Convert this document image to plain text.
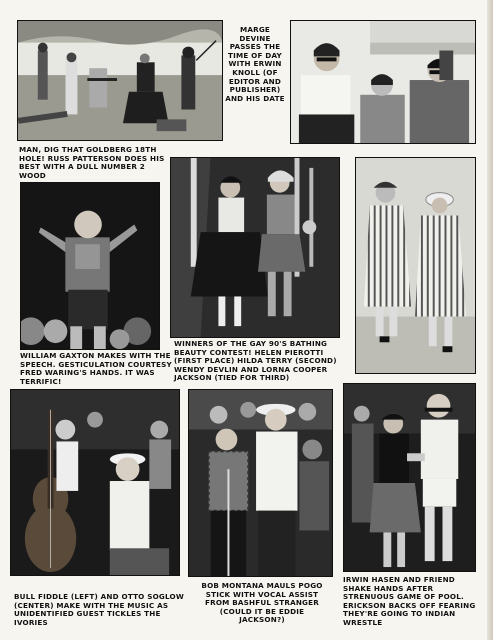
MARGE DEVINE PASSES THE TIME OF DAY WITH ERWIN KNOLL (OF EDITOR AND PUBLISHER) AND HIS DATE
MAN, DIG THAT GOLDBERG 18TH HOLE! RUSS PATTERSON DOES HIS BEST WITH A DULL NUMBER 2 WOOD
WILLIAM GAXTON MAKES WITH THE SPEECH. GESTICULATION COURTESY FRED WARING'S HANDS. IT WAS TERRIFIC!
WINNERS OF THE GAY 90'S BATHING BEAUTY CONTEST! HELEN PIEROTTI (FIRST PLACE) HILDA TERRY (SECOND) WENDY DEVLIN AND LORNA COOPER JACKSON (TIED FOR THIRD)
BULL FIDDLE (LEFT) AND OTTO SOGLOW (CENTER) MAKE WITH THE MUSIC AS UNIDENTIFIED GUEST TICKLES THE IVORIES
BOB MONTANA MAULS POGO STICK WITH VOCAL ASSIST FROM BASHFUL STRANGER (COULD IT BE EDDIE JACKSON?)
IRWIN HASEN AND FRIEND SHAKE HANDS AFTER STRENUOUS GAME OF POOL. ERICKSON BACKS OFF FEARING THEY'RE GOING TO INDIAN WRESTLE
